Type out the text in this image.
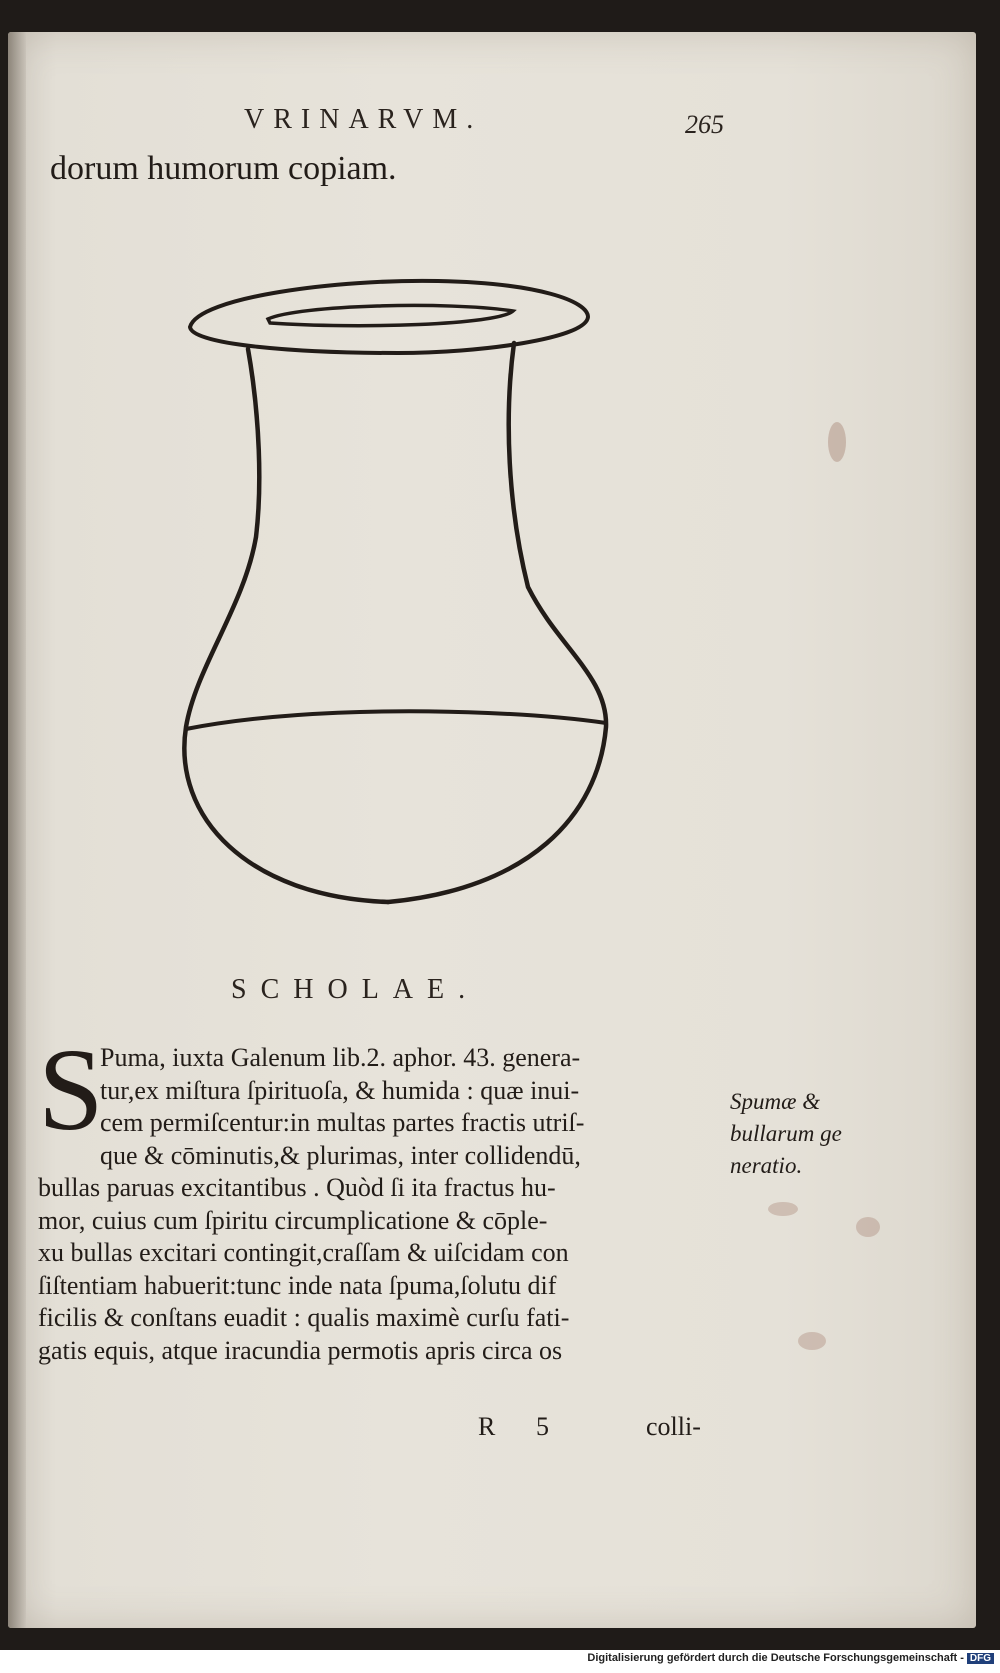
VRINARVM.	265
dorum humorum copiam.
SCHOLAE.
S
Puma, iuxta Galenum lib.2. aphor. 43. genera-
tur,ex miſtura ſpirituoſa, & humida : quæ inui-
cem permiſcentur:in multas partes fractis utriſ-
que & cōminutis,& plurimas, inter collidendū,
bullas paruas excitantibus . Quòd ſi ita fractus hu-
mor, cuius cum ſpiritu circumplicatione & cōple-
xu bullas excitari contingit,craſſam & uiſcidam con
ſiſtentiam habuerit:tunc inde nata ſpuma,ſolutu dif
ficilis & conſtans euadit : qualis maximè curſu fati-
gatis equis, atque iracundia permotis apris circa os
R 5	colli-
Spumæ &
bullarum ge
neratio.
Digitalisierung gefördert durch die Deutsche Forschungsgemeinschaft - DFG
